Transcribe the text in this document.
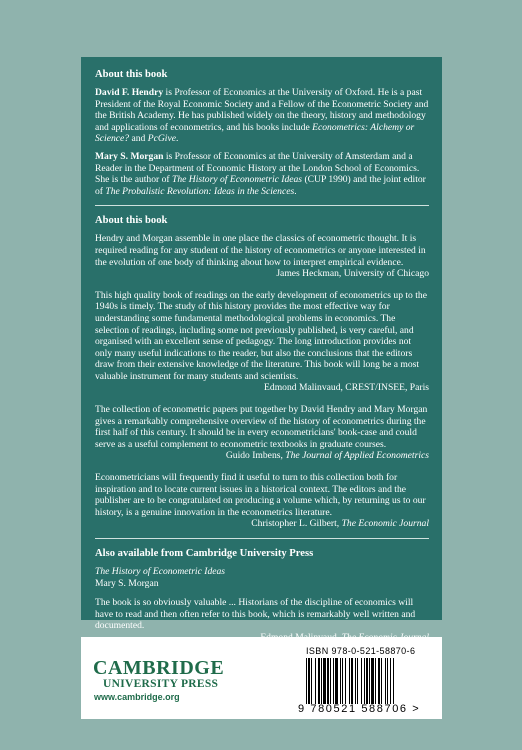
About this book

David F. Hendry is Professor of Economics at the University of Oxford. He is a past President of the Royal Economic Society and a Fellow of the Econometric Society and the British Academy. He has published widely on the theory, history and methodology and applications of econometrics, and his books include Econometrics: Alchemy or Science? and PcGive.

Mary S. Morgan is Professor of Economics at the University of Amsterdam and a Reader in the Department of Economic History at the London School of Economics. She is the author of The History of Econometric Ideas (CUP 1990) and the joint editor of The Probalistic Revolution: Ideas in the Sciences.

About this book

Hendry and Morgan assemble in one place the classics of econometric thought. It is required reading for any student of the history of econometrics or anyone interested in the evolution of one body of thinking about how to interpret empirical evidence.

James Heckman, University of Chicago

This high quality book of readings on the early development of econometrics up to the 1940s is timely. The study of this history provides the most effective way for understanding some fundamental methodological problems in economics. The selection of readings, including some not previously published, is very careful, and organised with an excellent sense of pedagogy. The long introduction provides not only many useful indications to the reader, but also the conclusions that the editors draw from their extensive knowledge of the literature. This book will long be a most valuable instrument for many students and scientists.

Edmond Malinvaud, CREST/INSEE, Paris

The collection of econometric papers put together by David Hendry and Mary Morgan gives a remarkably comprehensive overview of the history of econometrics during the first half of this century. It should be in every econometricians' book-case and could serve as a useful complement to econometric textbooks in graduate courses.

Guido Imbens, The Journal of Applied Econometrics

Econometricians will frequently find it useful to turn to this collection both for inspiration and to locate current issues in a historical context. The editors and the publisher are to be congratulated on producing a volume which, by returning us to our history, is a genuine innovation in the econometrics literature.

Christopher L. Gilbert, The Economic Journal

Also available from Cambridge University Press

The History of Econometric Ideas

Mary S. Morgan

The book is so obviously valuable ... Historians of the discipline of economics will have to read and then often refer to this book, which is remarkably well written and documented.

CAMBRIDGE
UNIVERSITY PRESS
www.cambridge.org
ISBN 978-0-521-58870-6
9 780521 588706 >
